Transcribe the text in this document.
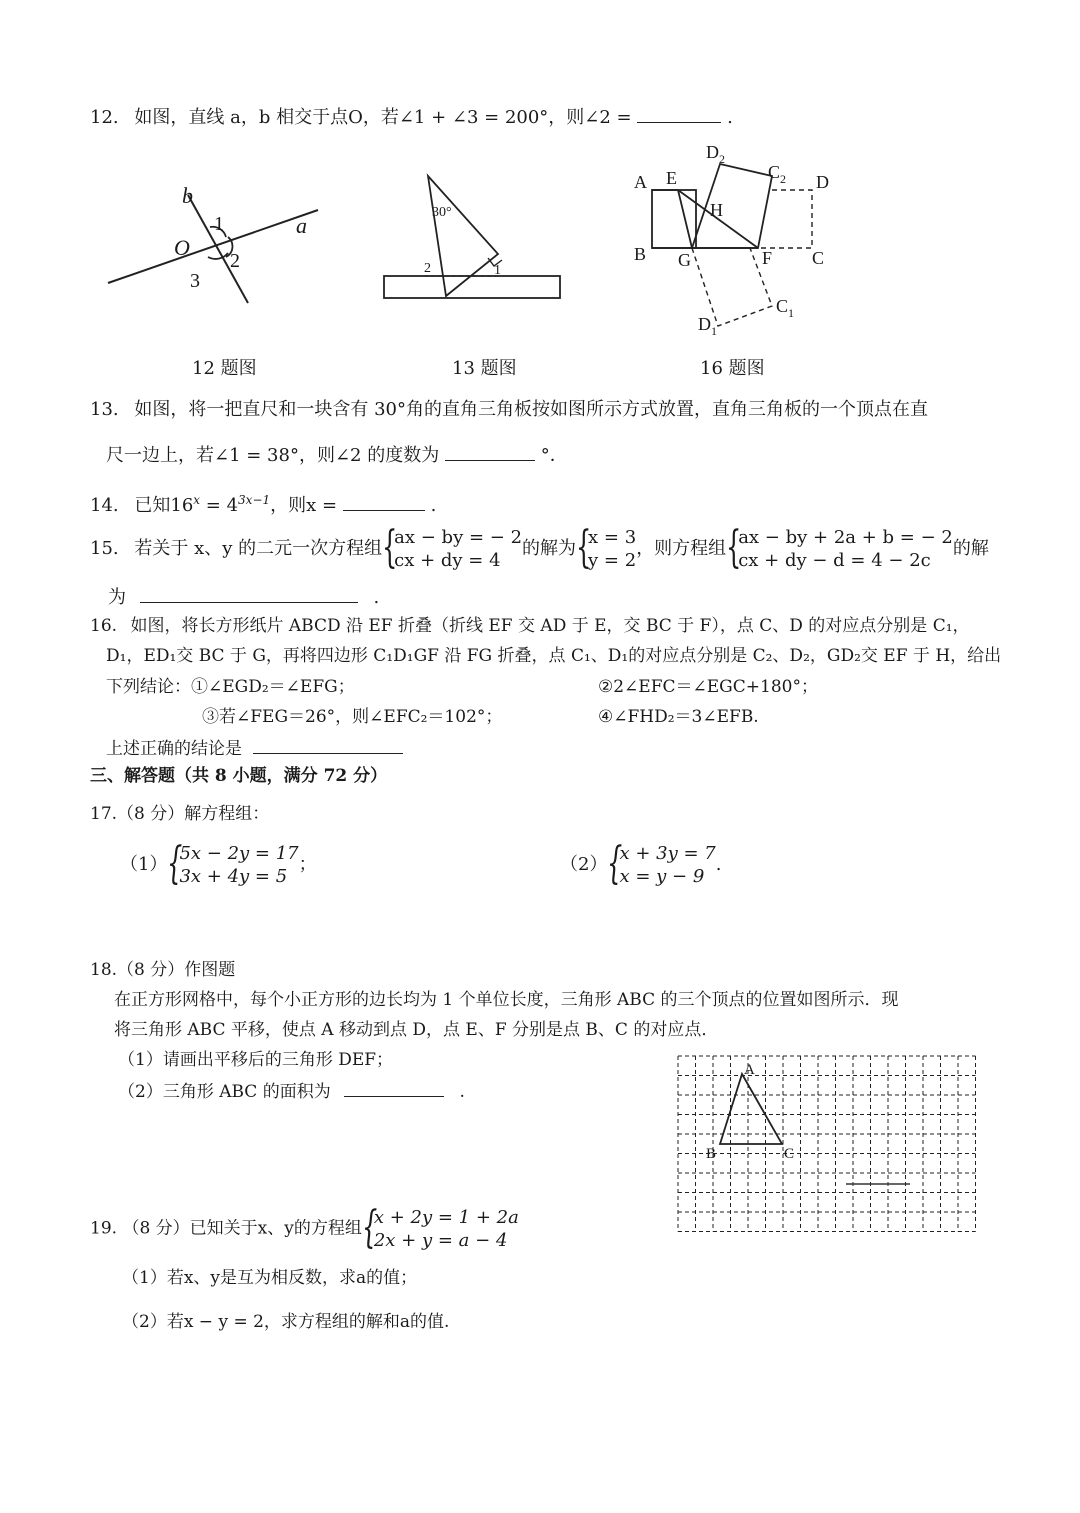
12. 如图，直线 a，b 相交于点O，若∠1 + ∠3 = 200°，则∠2 =	.
b
a
O
1
2
3
30°
1
2
A E
$D_2$
$C_2$ D
H
B G	F C
$D_1$
$C_1$
12 题图	13 题图	16 题图
13. 如图，将一把直尺和一块含有 30°角的直角三角板按如图所示方式放置，直角三角板的一个顶点在直
尺一边上，若∠1 = 38°，则∠2 的度数为	°．
14. 已知$16^x = 4^{3x-1}$，则x =	.
15. 若关于 x、y 的二元一次方程组 {
ax − by = − 2
cx + dy = 4
的解为 {
x = 3
y = 2
，则方程组 {
ax − by + 2a + b = − 2
cx + dy − d = 4 − 2c
的解
为	.
16. 如图，将长方形纸片 ABCD 沿 EF 折叠（折线 EF 交 AD 于 E，交 BC 于 F），点 C、D 的对应点分别是 C₁，
D₁，ED₁交 BC 于 G，再将四边形 C₁D₁GF 沿 FG 折叠，点 C₁、D₁的对应点分别是 C₂、D₂，GD₂交 EF 于 H，给出
下列结论：①∠EGD₂＝∠EFG；	②2∠EFC＝∠EGC+180°；
③若∠FEG＝26°，则∠EFC₂＝102°；	④∠FHD₂＝3∠EFB.
上述正确的结论是
三、解答题（共 8 小题，满分 72 分）
17.（8 分）解方程组：
（1） {
5x − 2y = 17
3x + 4y = 5
；	（2） {
x + 3y = 7
x = y − 9
.
18.（8 分）作图题
在正方形网格中，每个小正方形的边长均为 1 个单位长度，三角形 ABC 的三个顶点的位置如图所示．现
将三角形 ABC 平移，使点 A 移动到点 D，点 E、F 分别是点 B、C 的对应点．
（1）请画出平移后的三角形 DEF；
（2）三角形 ABC 的面积为	.
A
B	C
19. （8 分）已知关于x、y的方程组 {
x + 2y = 1 + 2a
2x + y = a − 4
（1）若x、y是互为相反数，求a的值；
（2）若x − y = 2，求方程组的解和a的值.
